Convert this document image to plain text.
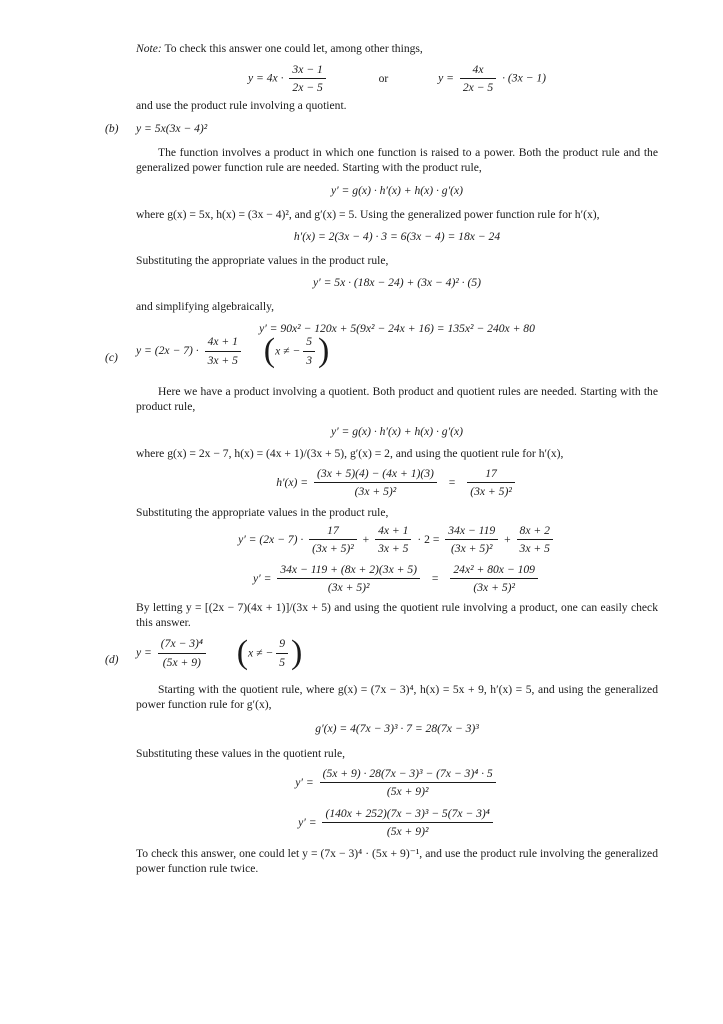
Note: To check this answer one could let, among other things,
$y = 4x \cdot \frac{3x - 1}{2x - 5}$	or	$y = \frac{4x}{2x - 5} \cdot (3x - 1)$
and use the product rule involving a quotient.
(b) y = 5x(3x − 4)²
The function involves a product in which one function is raised to a power. Both the product rule and the generalized power function rule are needed. Starting with the product rule,
y′ = g(x) · h′(x) + h(x) · g′(x)
where g(x) = 5x, h(x) = (3x − 4)², and g′(x) = 5. Using the generalized power function rule for h′(x),
h′(x) = 2(3x − 4) · 3 = 6(3x − 4) = 18x − 24
Substituting the appropriate values in the product rule,
y′ = 5x · (18x − 24) + (3x − 4)² · (5)
and simplifying algebraically,
y′ = 90x² − 120x + 5(9x² − 24x + 16) = 135x² − 240x + 80
(c)
$y = (2x - 7) \cdot \frac{4x + 1}{3x + 5} (x$ ≠ − $\frac{5}{3}$ )
Here we have a product involving a quotient. Both product and quotient rules are needed. Starting with the product rule,
y′ = g(x) · h′(x) + h(x) · g′(x)
where g(x) = 2x − 7, h(x) = (4x + 1)/(3x + 5), g′(x) = 2, and using the quotient rule for h′(x),
$h'(x) = \frac{(3x + 5)(4) - (4x + 1)(3)}{\text{(3x + 5)²}} = \frac{17}{\text{(3x + 5)²}}$
Substituting the appropriate values in the product rule,
$y' = (2x - 7) \cdot \frac{17}{\text{(3x + 5)²}} + \frac{4x + 1}{3x + 5} \cdot 2 = \frac{34x - 119}{\text{(3x + 5)²}} + \frac{8x + 2}{3x + 5}$
$y' = \frac{34x - 119 + (8x + 2)(3x + 5)}{\text{(3x + 5)²}} = \frac{\text{24x² + 80x − 109}}{\text{(3x + 5)²}}$
By letting y = [(2x − 7)(4x + 1)]/(3x + 5) and using the quotient rule involving a product, one can easily check this answer.
(d)
$y = \frac{\text{(7x − 3)⁴}}{(5x + 9)} (x$ ≠ − $\frac{9}{5}$ )
Starting with the quotient rule, where g(x) = (7x − 3)⁴, h(x) = 5x + 9, h′(x) = 5, and using the generalized power function rule for g′(x),
g′(x) = 4(7x − 3)³ · 7 = 28(7x − 3)³
Substituting these values in the quotient rule,
$y' = \frac{\text{(5x + 9) · 28(7x − 3)³ − (7x − 3)⁴ · 5}}{\text{(5x + 9)²}}$
$y' = \frac{\text{(140x + 252)(7x − 3)³ − 5(7x − 3)⁴}}{\text{(5x + 9)²}}$
To check this answer, one could let y = (7x − 3)⁴ · (5x + 9)⁻¹, and use the product rule involving the generalized power function rule twice.
